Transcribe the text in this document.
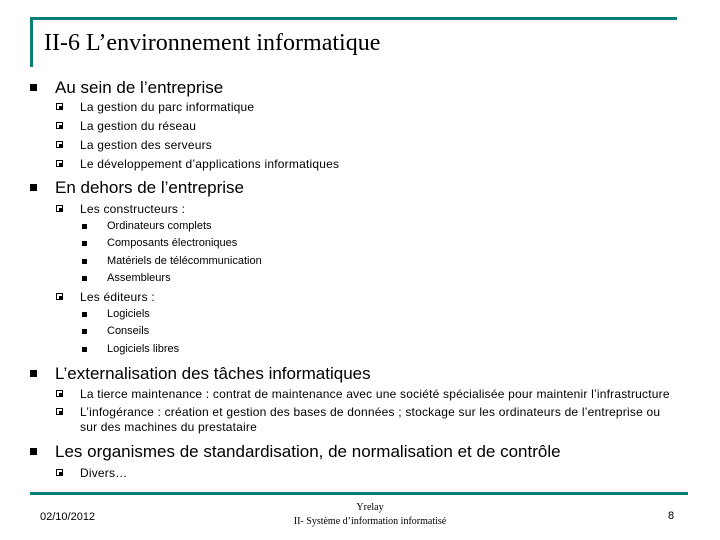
II-6 L’environnement informatique
Au sein de l’entreprise
La gestion du parc informatique
La gestion du réseau
La gestion des serveurs
Le développement d’applications informatiques
En dehors de l’entreprise
Les constructeurs :
Ordinateurs complets
Composants électroniques
Matériels de télécommunication
Assembleurs
Les éditeurs :
Logiciels
Conseils
Logiciels libres
L’externalisation des tâches informatiques
La tierce maintenance : contrat de maintenance avec une société spécialisée pour maintenir l’infrastructure
L’infogérance : création et gestion des bases de données ; stockage sur les ordinateurs de l’entreprise ou
sur des machines du prestataire
Les organismes de standardisation, de normalisation et de contrôle
Divers…
02/10/2012
Yrelay
II- Système d’information informatisé	8
